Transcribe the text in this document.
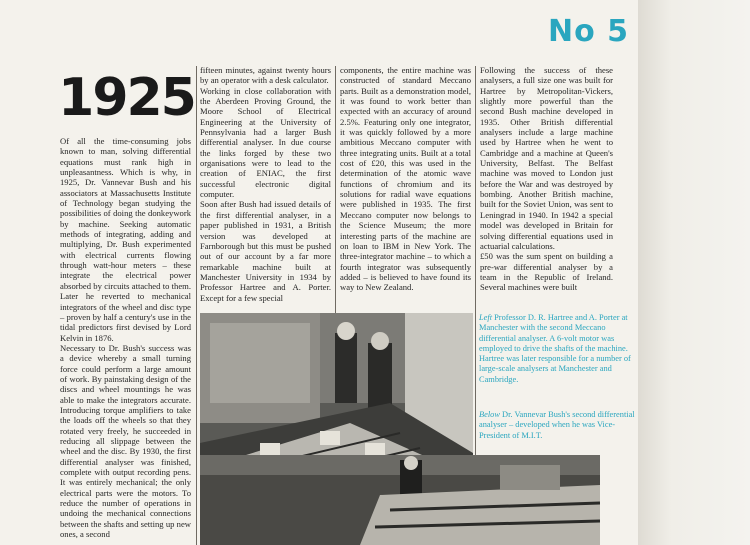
No 5
1925

Of all the time-consuming jobs known to man, solving differential equations must rank high in unpleasantness. Which is why, in 1925, Dr. Vannevar Bush and his associators at Massachusetts Institute of Technology began studying the possibilities of doing the donkeywork by machine. Seeking automatic methods of integrating, adding and multiplying, Dr. Bush experimented with electrical currents flowing through watt-hour meters – these integrate the electrical power absorbed by circuits attached to them. Later he reverted to mechanical integrators of the wheel and disc type – proven by half a century's use in the tidal predictors first devised by Lord Kelvin in 1876.

Necessary to Dr. Bush's success was a device whereby a small turning force could perform a large amount of work. By painstaking design of the discs and wheel mountings he was able to make the integrators accurate. Introducing torque amplifiers to take the loads off the wheels so that they rotated very freely, he succeeded in reducing all slippage between the wheel and the disc. By 1930, the first differential analyser was finished, complete with output recording pens. It was entirely mechanical; the only electrical parts were the motors. To reduce the number of operations in undoing the mechanical connections between the shafts and setting up new ones, a second

fifteen minutes, against twenty hours by an operator with a desk calculator.

Working in close collaboration with the Aberdeen Proving Ground, the Moore School of Electrical Engineering at the University of Pennsylvania had a larger Bush differential analyser. In due course the links forged by these two organisations were to lead to the creation of ENIAC, the first successful electronic digital computer.

Soon after Bush had issued details of the first differential analyser, in a paper published in 1931, a British version was developed at Farnborough but this must be pushed out of our account by a far more remarkable machine built at Manchester University in 1934 by Professor Hartree and A. Porter. Except for a few special

components, the entire machine was constructed of standard Meccano parts. Built as a demonstration model, it was found to work better than expected with an accuracy of around 2.5%. Featuring only one integrator, it was quickly followed by a more ambitious Meccano computer with three integrating units. Built at a total cost of £20, this was used in the determination of the atomic wave functions of chromium and its solutions for radial wave equations were published in 1935. The first Meccano computer now belongs to the Science Museum; the more interesting parts of the machine are on loan to IBM in New York. The three-integrator machine – to which a fourth integrator was subsequently added – is believed to have found its way to New Zealand.

Following the success of these analysers, a full size one was built for Hartree by Metropolitan-Vickers, slightly more powerful than the second Bush machine developed in 1935. Other British differential analysers include a large machine used by Hartree when he went to Cambridge and a machine at Queen's University, Belfast. The Belfast machine was moved to London just before the War and was destroyed by bombing. Another British machine, built for the Soviet Union, was sent to Leningrad in 1940. In 1942 a special model was developed in Britain for solving differential equations used in actuarial calculations.

£50 was the sum spent on building a pre-war differential analyser by a team in the Republic of Ireland. Several machines were built

Left Professor D. R. Hartree and A. Porter at Manchester with the second Meccano differential analyser. A 6-volt motor was employed to drive the shafts of the machine. Hartree was later responsible for a number of large-scale analysers at Manchester and Cambridge.
Below Dr. Vannevar Bush's second differential analyser – developed when he was Vice-President of M.I.T.
